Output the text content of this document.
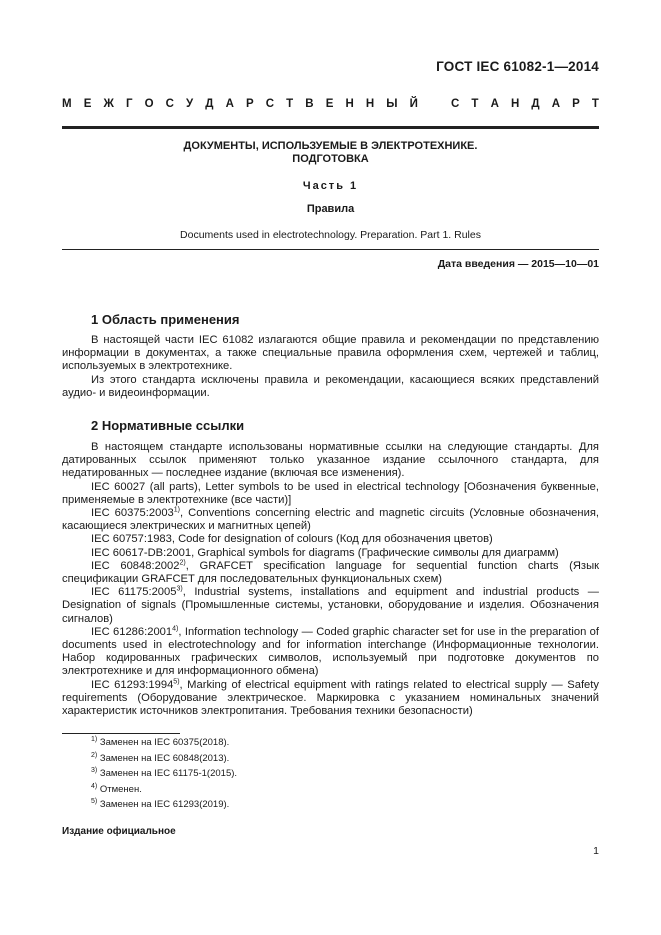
ГОСТ IEC 61082-1—2014
М Е Ж Г О С У Д А Р С Т В Е Н Н Ы Й	С Т А Н Д А Р Т
ДОКУМЕНТЫ, ИСПОЛЬЗУЕМЫЕ В ЭЛЕКТРОТЕХНИКЕ.
ПОДГОТОВКА
Часть 1
Правила
Documents used in electrotechnology. Preparation. Part 1. Rules
Дата введения — 2015—10—01
1 Область применения

В настоящей части IEC 61082 излагаются общие правила и рекомендации по представлению информации в документах, а также специальные правила оформления схем, чертежей и таблиц, используемых в электротехнике.

Из этого стандарта исключены правила и рекомендации, касающиеся всяких представлений аудио- и видеоинформации.

2 Нормативные ссылки

В настоящем стандарте использованы нормативные ссылки на следующие стандарты. Для датированных ссылок применяют только указанное издание ссылочного стандарта, для недатированных — последнее издание (включая все изменения).

IEC 60027 (all parts), Letter symbols to be used in electrical technology [Обозначения буквенные, применяемые в электротехнике (все части)]

IEC 60375:2003$^{1)}$, Conventions concerning electric and magnetic circuits (Условные обозначения, касающиеся электрических и магнитных цепей)

IEC 60757:1983, Code for designation of colours (Код для обозначения цветов)

IEC 60617-DB:2001, Graphical symbols for diagrams (Графические символы для диаграмм)

IEC 60848:2002$^{2)}$, GRAFCET specification language for sequential function charts (Язык спецификации GRAFCET для последовательных функциональных схем)

IEC 61175:2005$^{3)}$, Industrial systems, installations and equipment and industrial products — Designation of signals (Промышленные системы, установки, оборудование и изделия. Обозначения сигналов)

IEC 61286:2001$^{4)}$, Information technology — Coded graphic character set for use in the preparation of documents used in electrotechnology and for information interchange (Информационные технологии. Набор кодированных графических символов, используемый при подготовке документов по электротехнике и для информационного обмена)

IEC 61293:1994$^{5)}$, Marking of electrical equipment with ratings related to electrical supply — Safety requirements (Оборудование электрическое. Маркировка с указанием номинальных значений характеристик источников электропитания. Требования техники безопасности)

$^{1)}$ Заменен на IEC 60375(2018).
$^{2)}$ Заменен на IEC 60848(2013).
$^{3)}$ Заменен на IEC 61175-1(2015).
$^{4)}$ Отменен.
$^{5)}$ Заменен на IEC 61293(2019).
Издание официальное
1
